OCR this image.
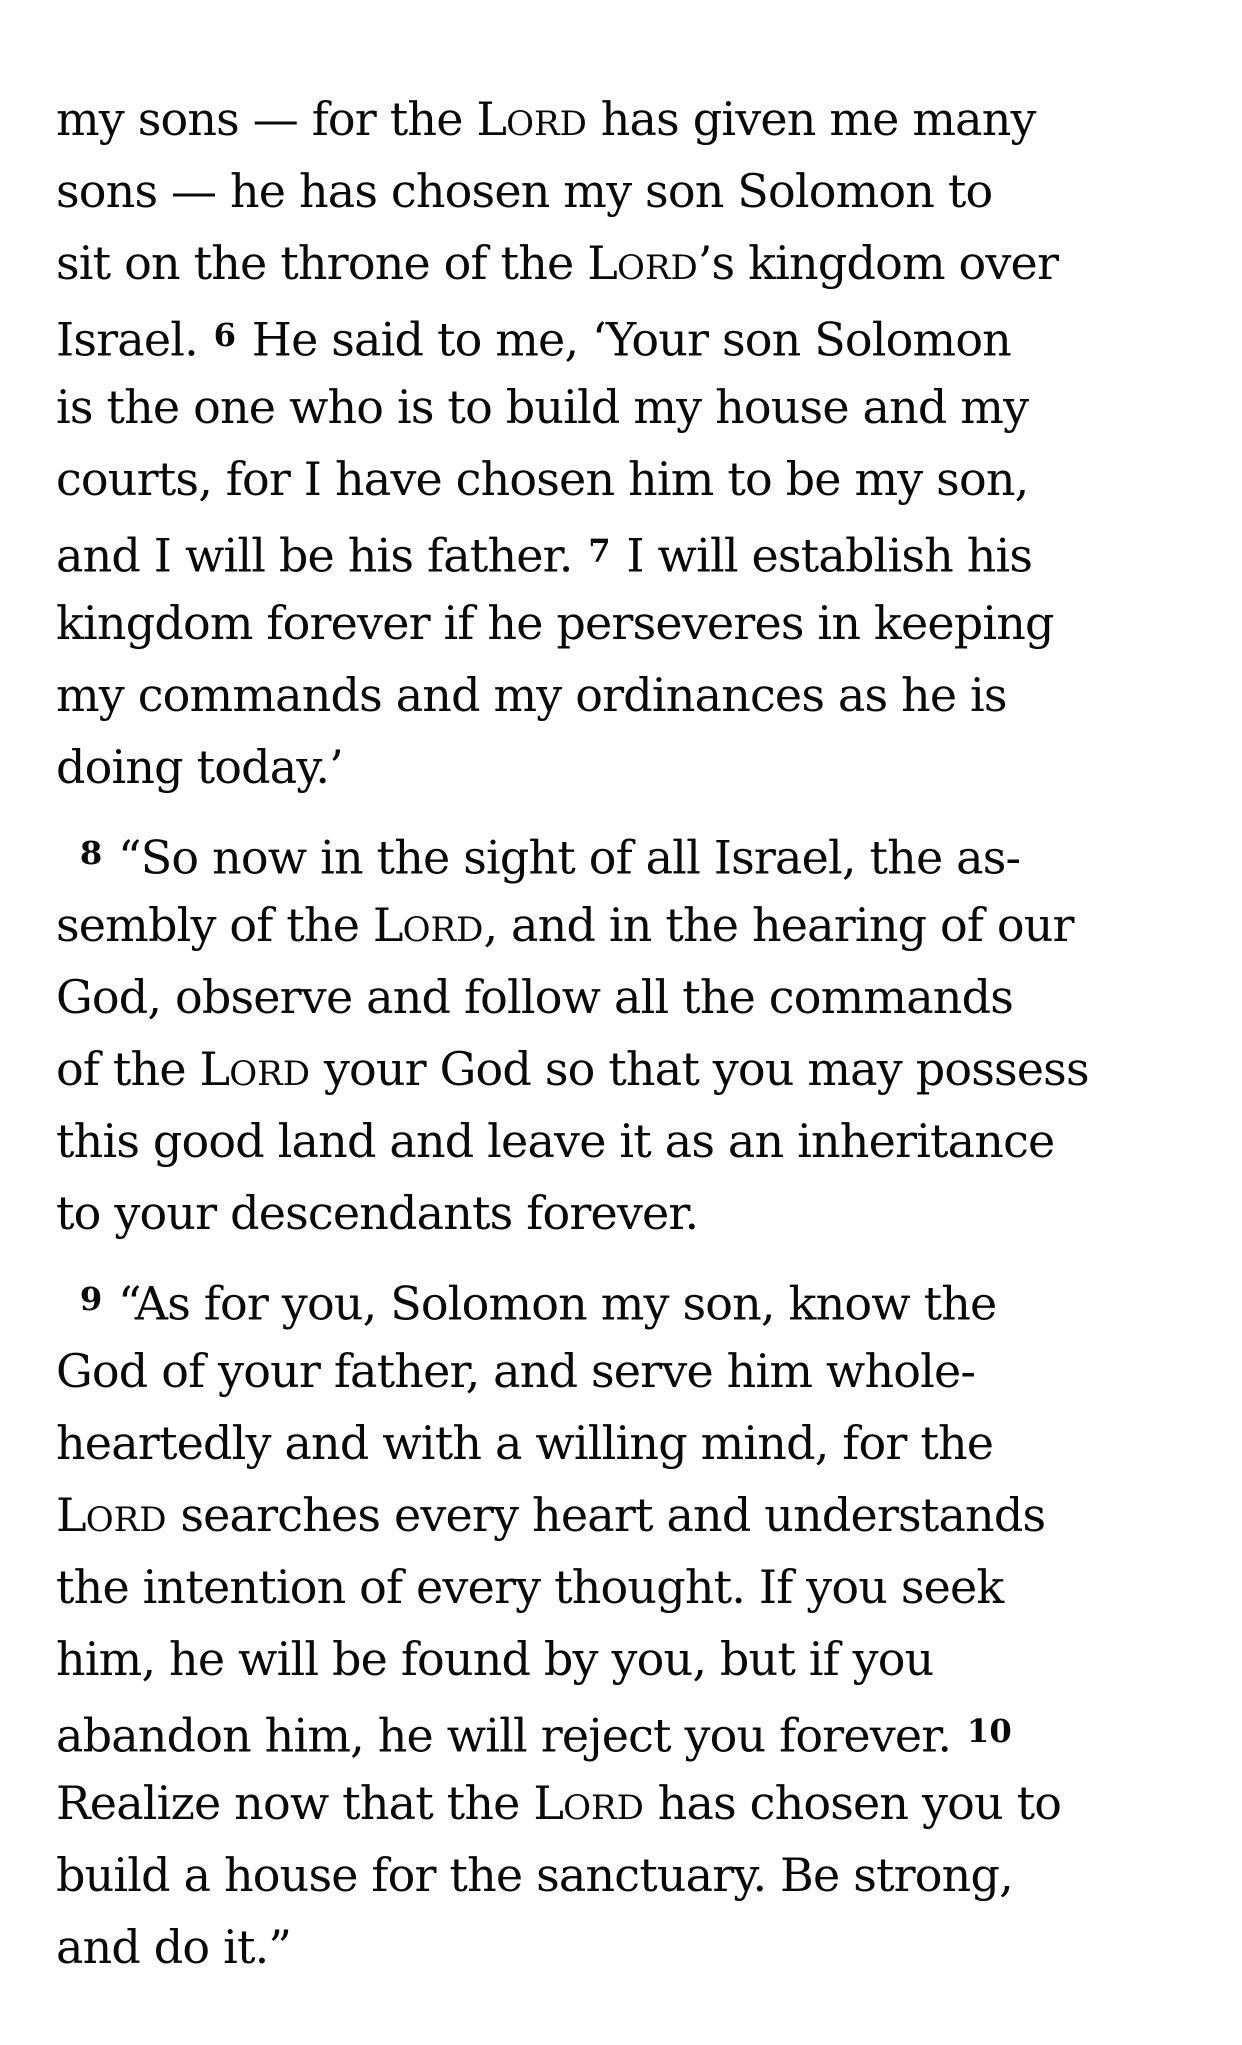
my sons — for the LORD has given me many
sons — he has chosen my son Solomon to
sit on the throne of the LORD’s kingdom over
Israel. $^6$ He said to me, ‘Your son Solomon
is the one who is to build my house and my
courts, for I have chosen him to be my son,
and I will be his father. $^7$ I will establish his
kingdom forever if he perseveres in keeping
my commands and my ordinances as he is
doing today.’
$^8$ “So now in the sight of all Israel, the as-
sembly of the LORD, and in the hearing of our
God, observe and follow all the commands
of the LORD your God so that you may possess
this good land and leave it as an inheritance
to your descendants forever.
$^9$ “As for you, Solomon my son, know the
God of your father, and serve him whole-
heartedly and with a willing mind, for the
LORD searches every heart and understands
the intention of every thought. If you seek
him, he will be found by you, but if you
abandon him, he will reject you forever. $^{10}$
Realize now that the LORD has chosen you to
build a house for the sanctuary. Be strong,
and do it.”
